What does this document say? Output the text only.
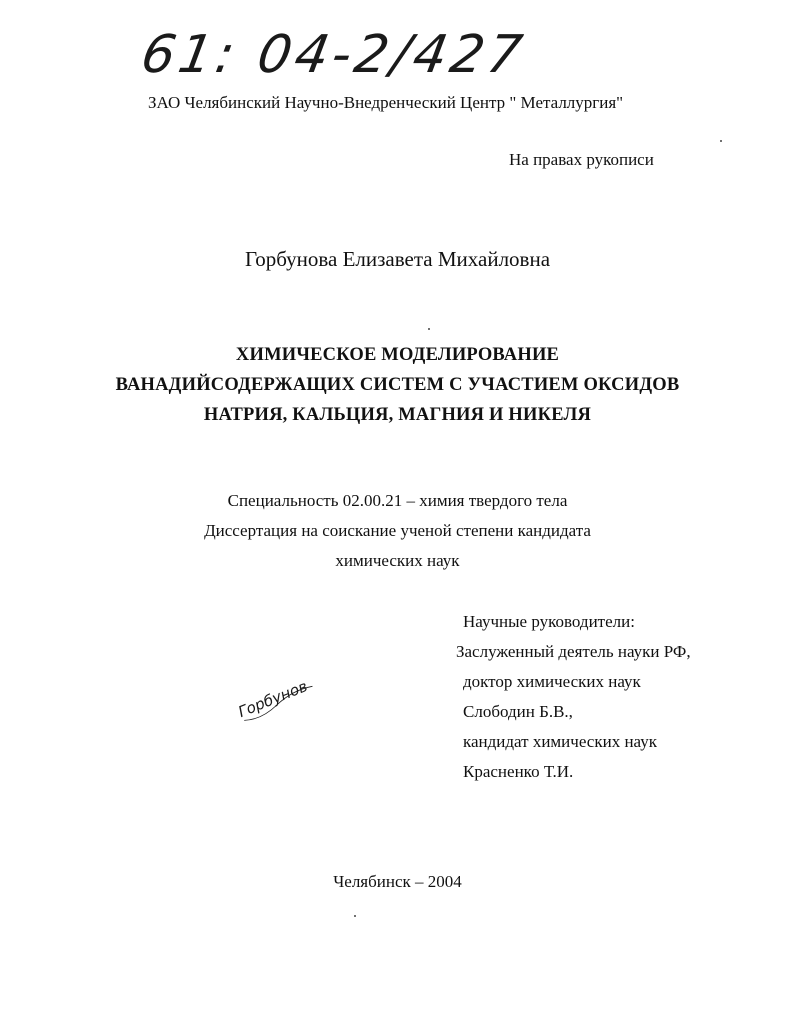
61: 04-2/427
ЗАО Челябинский Научно-Внедренческий Центр " Металлургия"
На правах рукописи
Горбунова Елизавета Михайловна
ХИМИЧЕСКОЕ МОДЕЛИРОВАНИЕ
ВАНАДИЙСОДЕРЖАЩИХ СИСТЕМ С УЧАСТИЕМ ОКСИДОВ
НАТРИЯ, КАЛЬЦИЯ, МАГНИЯ И НИКЕЛЯ
Специальность 02.00.21 – химия твердого тела
Диссертация на соискание ученой степени кандидата
химических наук
Научные руководители:
Заслуженный деятель науки РФ,
доктор химических наук
Слободин Б.В.,
кандидат химических наук
Красненко Т.И.
Горбунов
Челябинск – 2004
